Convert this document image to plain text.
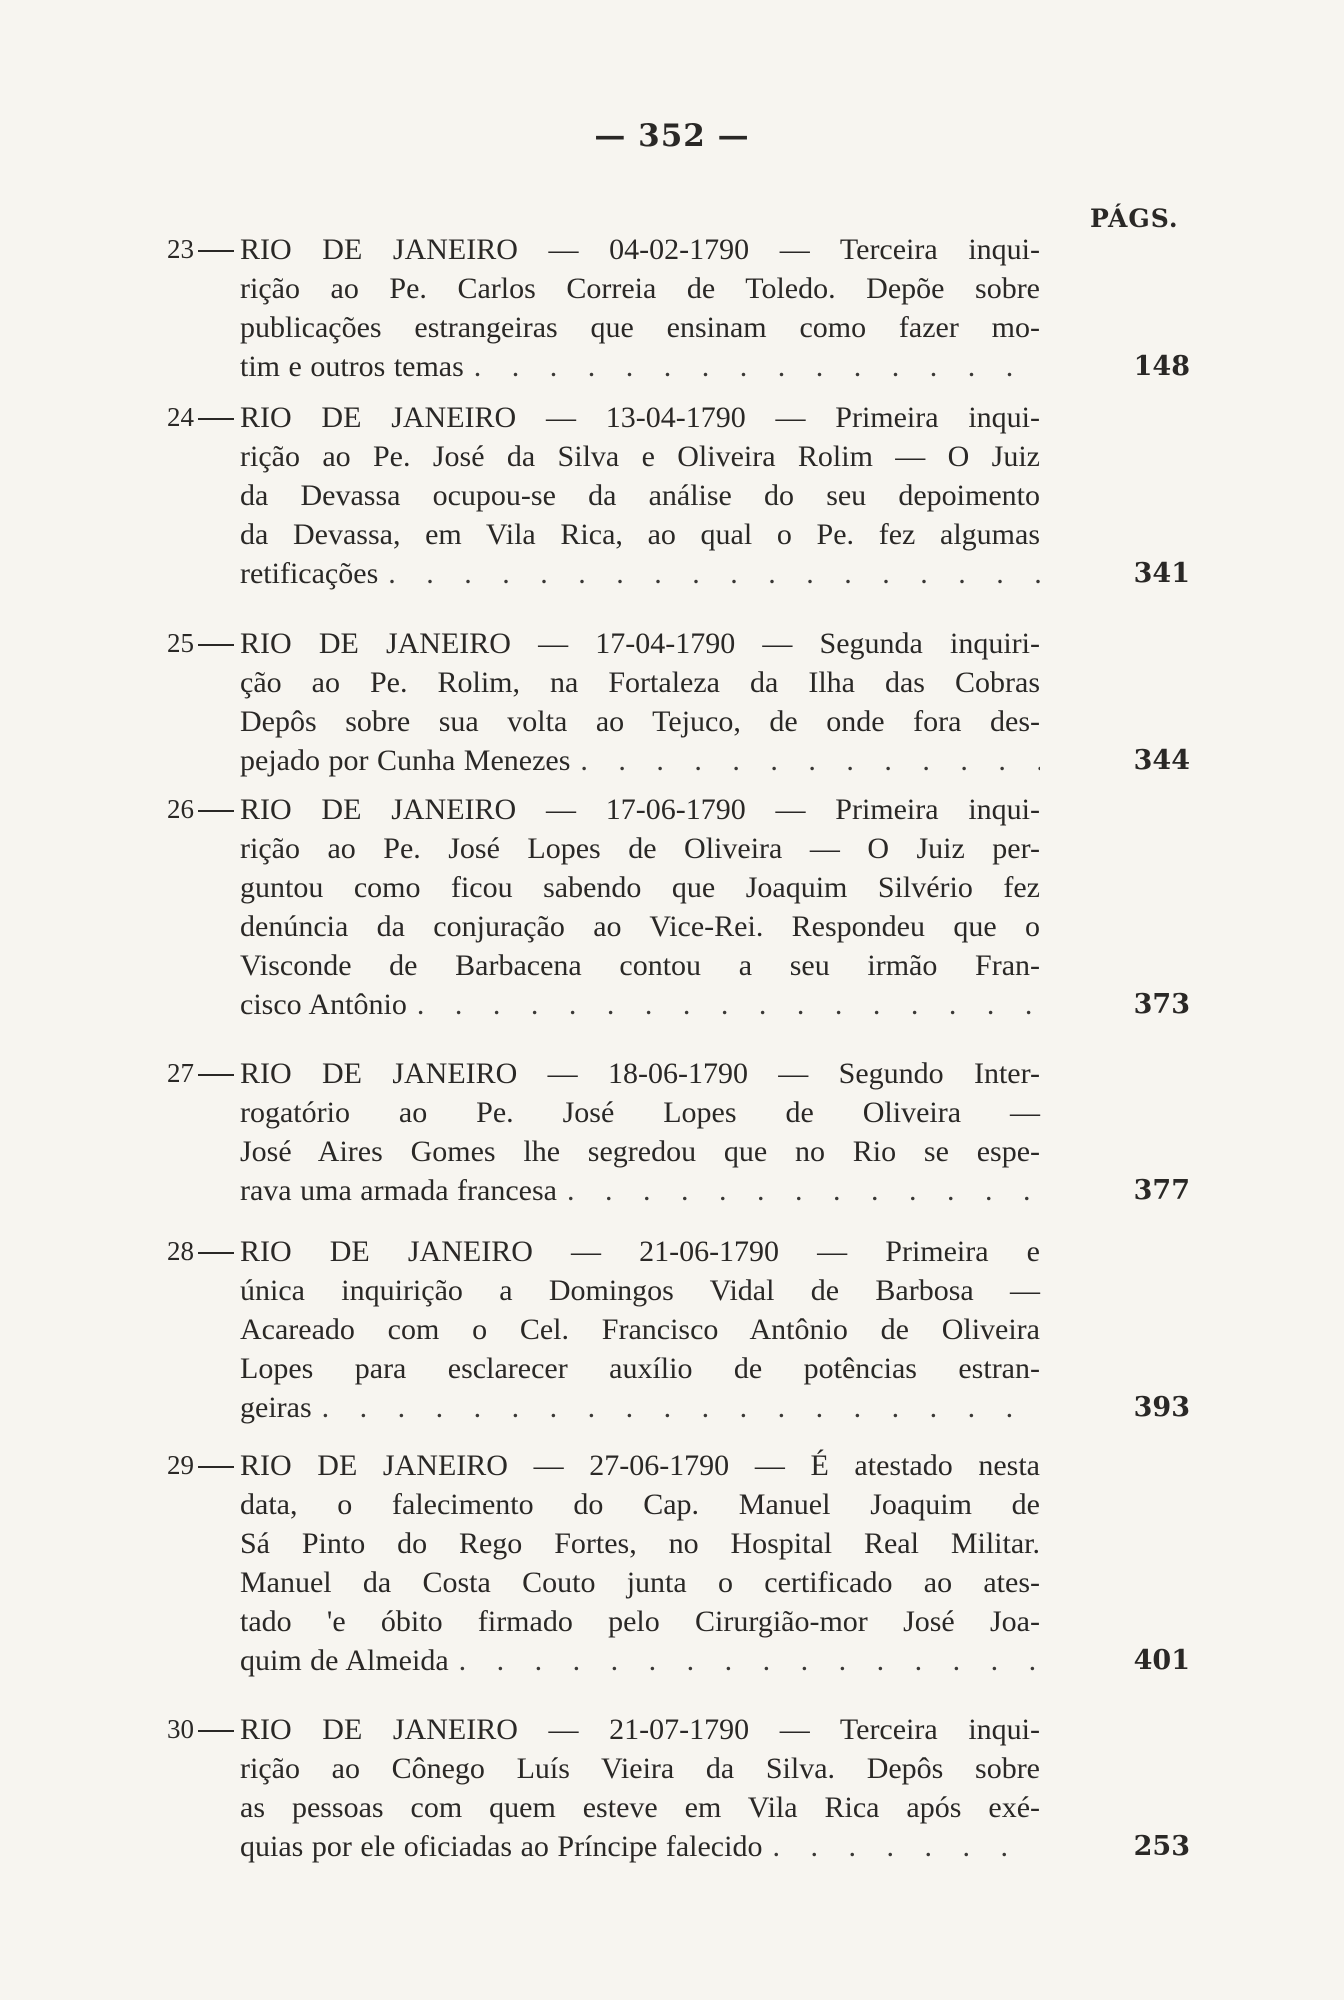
— 352 —
PÁGS.
23 RIO DE JANEIRO — 04-02-1790 — Terceira inqui-
rição ao Pe. Carlos Correia de Toledo. Depõe sobre
publicações estrangeiras que ensinam como fazer mo-
tim e outros temas . . .	148
24 RIO DE JANEIRO — 13-04-1790 — Primeira inqui-
rição ao Pe. José da Silva e Oliveira Rolim — O Juiz
da Devassa ocupou-se da análise do seu depoimento
da Devassa, em Vila Rica, ao qual o Pe. fez algumas
retificações . . .	341
25 RIO DE JANEIRO — 17-04-1790 — Segunda inquiri-
ção ao Pe. Rolim, na Fortaleza da Ilha das Cobras
Depôs sobre sua volta ao Tejuco, de onde fora des-
pejado por Cunha Menezes . . .	344
26 RIO DE JANEIRO — 17-06-1790 — Primeira inqui-
rição ao Pe. José Lopes de Oliveira — O Juiz per-
guntou como ficou sabendo que Joaquim Silvério fez
denúncia da conjuração ao Vice-Rei. Respondeu que o
Visconde de Barbacena contou a seu irmão Fran-
cisco Antônio . . .	373
27 RIO DE JANEIRO — 18-06-1790 — Segundo Inter-
rogatório ao Pe. José Lopes de Oliveira —
José Aires Gomes lhe segredou que no Rio se espe-
rava uma armada francesa . . .	377
28 RIO DE JANEIRO — 21-06-1790 — Primeira e
única inquirição a Domingos Vidal de Barbosa —
Acareado com o Cel. Francisco Antônio de Oliveira
Lopes para esclarecer auxílio de potências estran-
geiras . . .	393
29 RIO DE JANEIRO — 27-06-1790 — É atestado nesta
data, o falecimento do Cap. Manuel Joaquim de
Sá Pinto do Rego Fortes, no Hospital Real Militar.
Manuel da Costa Couto junta o certificado ao ates-
tado 'e óbito firmado pelo Cirurgião-mor José Joa-
quim de Almeida . . .	401
30 RIO DE JANEIRO — 21-07-1790 — Terceira inqui-
rição ao Cônego Luís Vieira da Silva. Depôs sobre
as pessoas com quem esteve em Vila Rica após exé-
quias por ele oficiadas ao Príncipe falecido . . .	253
